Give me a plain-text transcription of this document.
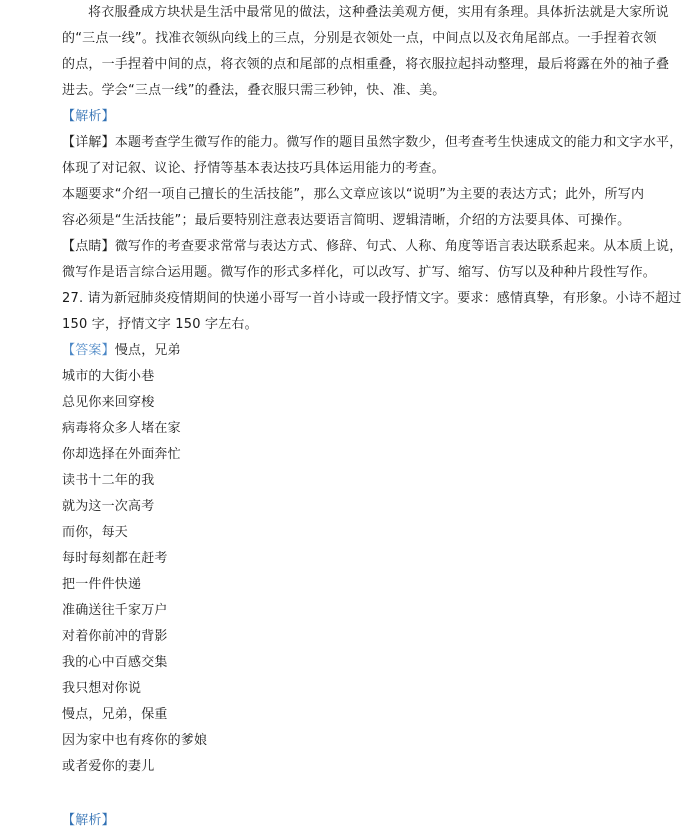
将衣服叠成方块状是生活中最常见的做法，这种叠法美观方便，实用有条理。具体折法就是大家所说
的“三点一线”。找准衣领纵向线上的三点，分别是衣领处一点，中间点以及衣角尾部点。一手捏着衣领
的点，一手捏着中间的点，将衣领的点和尾部的点相重叠，将衣服拉起抖动整理，最后将露在外的袖子叠
进去。学会“三点一线”的叠法，叠衣服只需三秒钟，快、准、美。
【解析】
【详解】本题考查学生微写作的能力。微写作的题目虽然字数少，但考查考生快速成文的能力和文字水平，
体现了对记叙、议论、抒情等基本表达技巧具体运用能力的考查。
本题要求“介绍一项自己擅长的生活技能”，那么文章应该以“说明”为主要的表达方式；此外，所写内
容必须是“生活技能”；最后要特别注意表达要语言简明、逻辑清晰，介绍的方法要具体、可操作。
【点睛】微写作的考查要求常常与表达方式、修辞、句式、人称、角度等语言表达联系起来。从本质上说，
微写作是语言综合运用题。微写作的形式多样化，可以改写、扩写、缩写、仿写以及种种片段性写作。
27. 请为新冠肺炎疫情期间的快递小哥写一首小诗或一段抒情文字。要求：感情真挚，有形象。小诗不超过
150 字，抒情文字 150 字左右。
【答案】慢点，兄弟
城市的大街小巷
总见你来回穿梭
病毒将众多人堵在家
你却选择在外面奔忙
读书十二年的我
就为这一次高考
而你，每天
每时每刻都在赶考
把一件件快递
准确送往千家万户
对着你前冲的背影
我的心中百感交集
我只想对你说
慢点，兄弟，保重
因为家中也有疼你的爹娘
或者爱你的妻儿
【解析】
